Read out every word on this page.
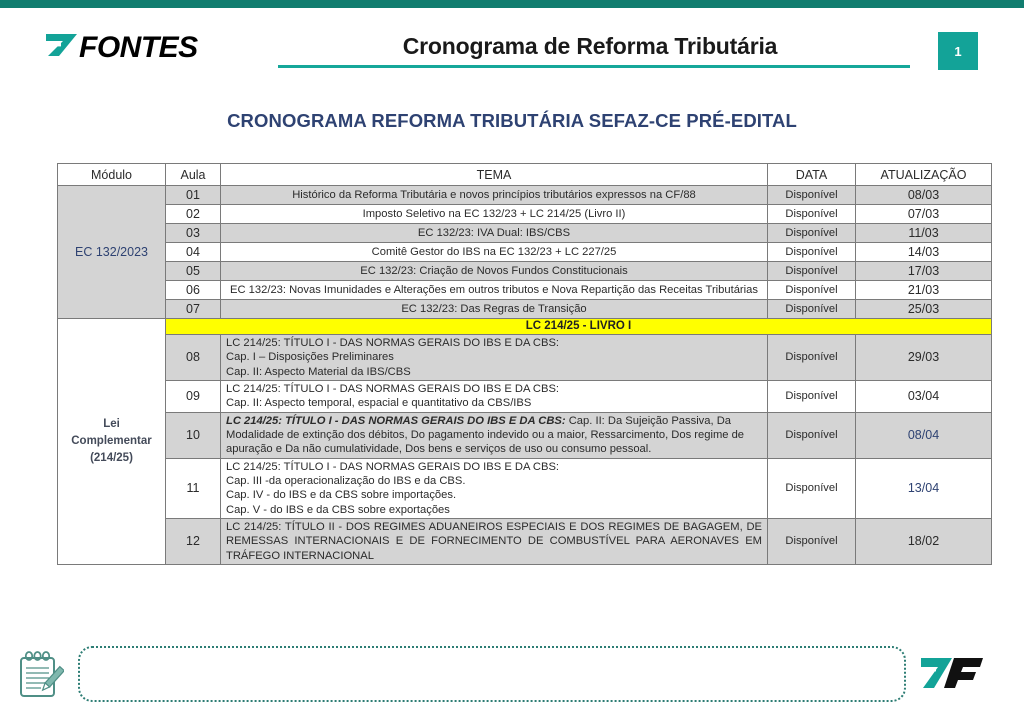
FONTES	Cronograma de Reforma Tributária	1
CRONOGRAMA REFORMA TRIBUTÁRIA SEFAZ-CE PRÉ-EDITAL
Módulo	Aula	TEMA	DATA	ATUALIZAÇÃO
EC 132/2023	01	Histórico da Reforma Tributária e novos princípios tributários expressos na CF/88	Disponível	08/03
	02	Imposto Seletivo na EC 132/23 + LC 214/25 (Livro II)	Disponível	07/03
	03	EC 132/23: IVA Dual: IBS/CBS	Disponível	11/03
	04	Comitê Gestor do IBS na EC 132/23 + LC 227/25	Disponível	14/03
	05	EC 132/23: Criação de Novos Fundos Constitucionais	Disponível	17/03
	06	EC 132/23: Novas Imunidades e Alterações em outros tributos e Nova Repartição das Receitas Tributárias	Disponível	21/03
	07	EC 132/23: Das Regras de Transição	Disponível	25/03
Lei
Complementar
(214/25)	LC 214/25 - LIVRO I			
	08	LC 214/25: TÍTULO I - DAS NORMAS GERAIS DO IBS E DA CBS:
Cap. I – Disposições Preliminares
Cap. II: Aspecto Material da IBS/CBS	Disponível	29/03
	09	LC 214/25: TÍTULO I - DAS NORMAS GERAIS DO IBS E DA CBS:
Cap. II: Aspecto temporal, espacial e quantitativo da CBS/IBS	Disponível	03/04
	10	LC 214/25: TÍTULO I - DAS NORMAS GERAIS DO IBS E DA CBS: Cap. II: Da Sujeição Passiva, Da Modalidade de extinção dos débitos, Do pagamento indevido ou a maior, Ressarcimento, Dos regime de apuração e Da não cumulatividade, Dos bens e serviços de uso ou consumo pessoal.	Disponível	08/04
	11	LC 214/25: TÍTULO I - DAS NORMAS GERAIS DO IBS E DA CBS:
Cap. III -da operacionalização do IBS e da CBS.
Cap. IV - do IBS e da CBS sobre importações.
Cap. V - do IBS e da CBS sobre exportações	Disponível	13/04
	12	LC 214/25: TÍTULO II - DOS REGIMES ADUANEIROS ESPECIAIS E DOS REGIMES DE BAGAGEM, DE REMESSAS INTERNACIONAIS E DE FORNECIMENTO DE COMBUSTÍVEL PARA AERONAVES EM TRÁFEGO INTERNACIONAL	Disponível	18/02
